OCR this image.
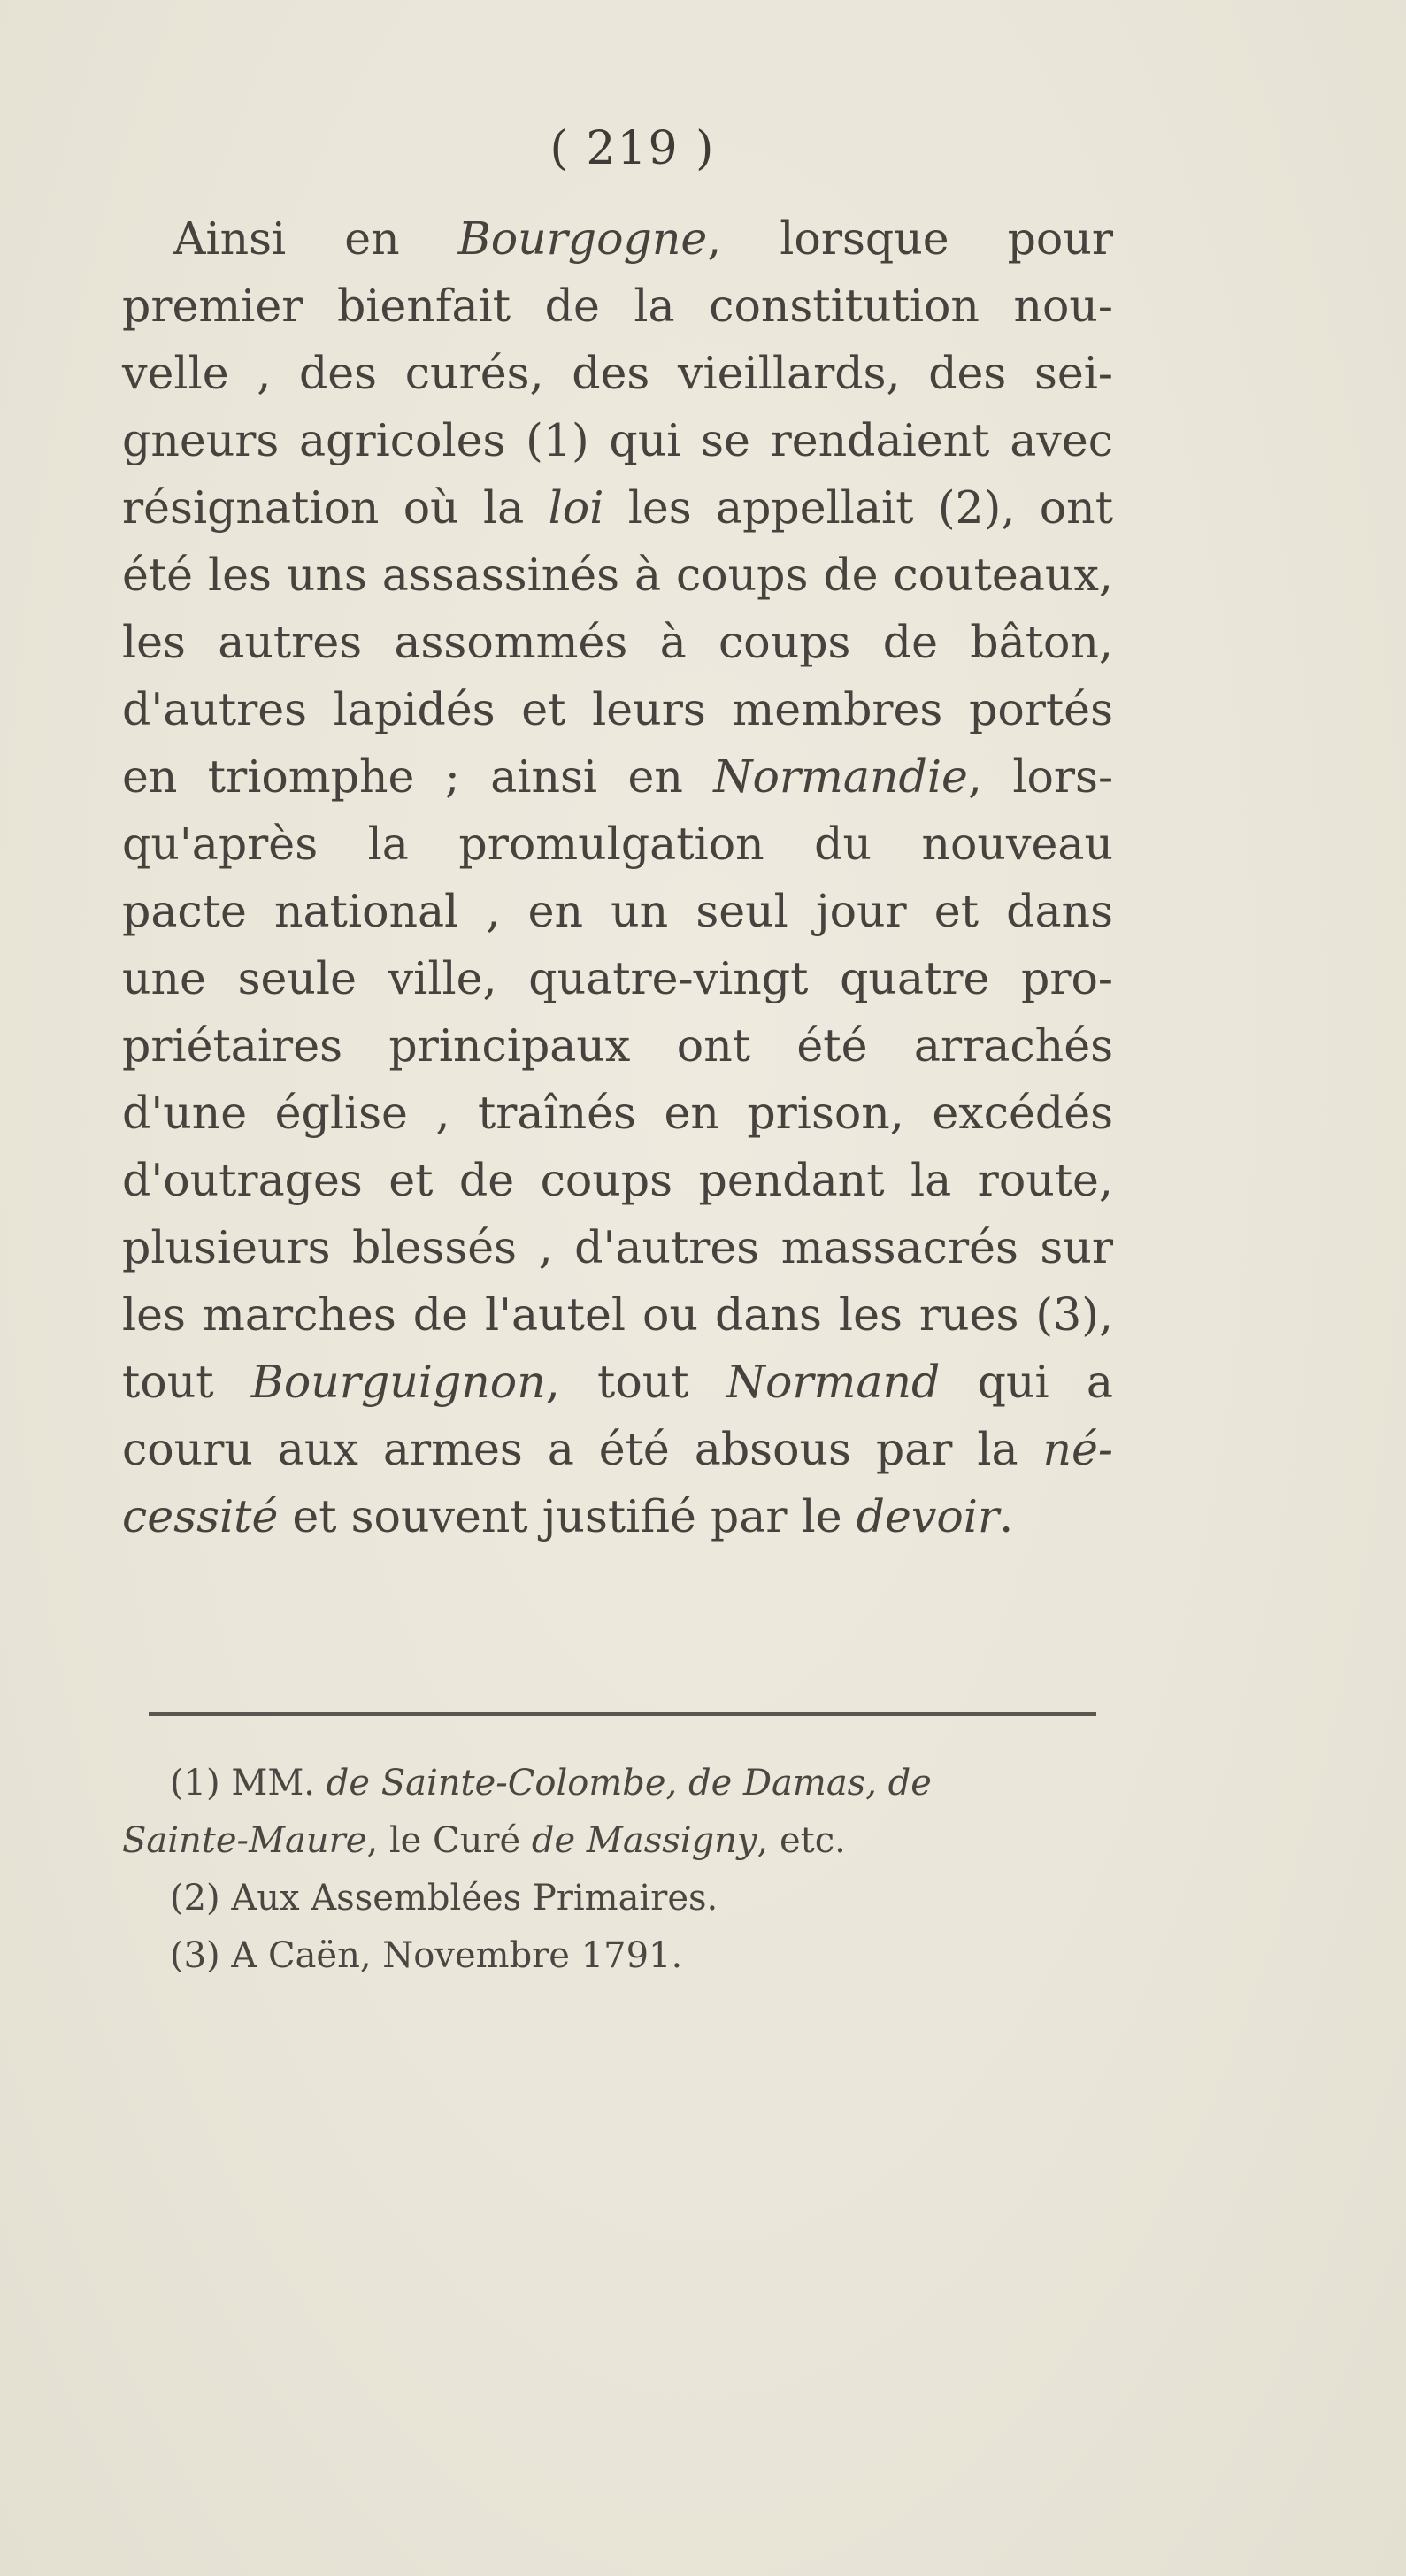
( 219 )
Ainsi en Bourgogne, lorsque pour
premier bienfait de la constitution nou-
velle , des curés, des vieillards, des sei-
gneurs agricoles (1) qui se rendaient avec
résignation où la loi les appellait (2), ont
été les uns assassinés à coups de couteaux,
les autres assommés à coups de bâton,
d'autres lapidés et leurs membres portés
en triomphe ; ainsi en Normandie, lors-
qu'après la promulgation du nouveau
pacte national , en un seul jour et dans
une seule ville, quatre-vingt quatre pro-
priétaires principaux ont été arrachés
d'une église , traînés en prison, excédés
d'outrages et de coups pendant la route,
plusieurs blessés , d'autres massacrés sur
les marches de l'autel ou dans les rues (3),
tout Bourguignon, tout Normand qui a
couru aux armes a été absous par la né-
cessité et souvent justifié par le devoir.
(1) MM. de Sainte-Colombe, de Damas, de
Sainte-Maure, le Curé de Massigny, etc.
(2) Aux Assemblées Primaires.
(3) A Caën, Novembre 1791.
